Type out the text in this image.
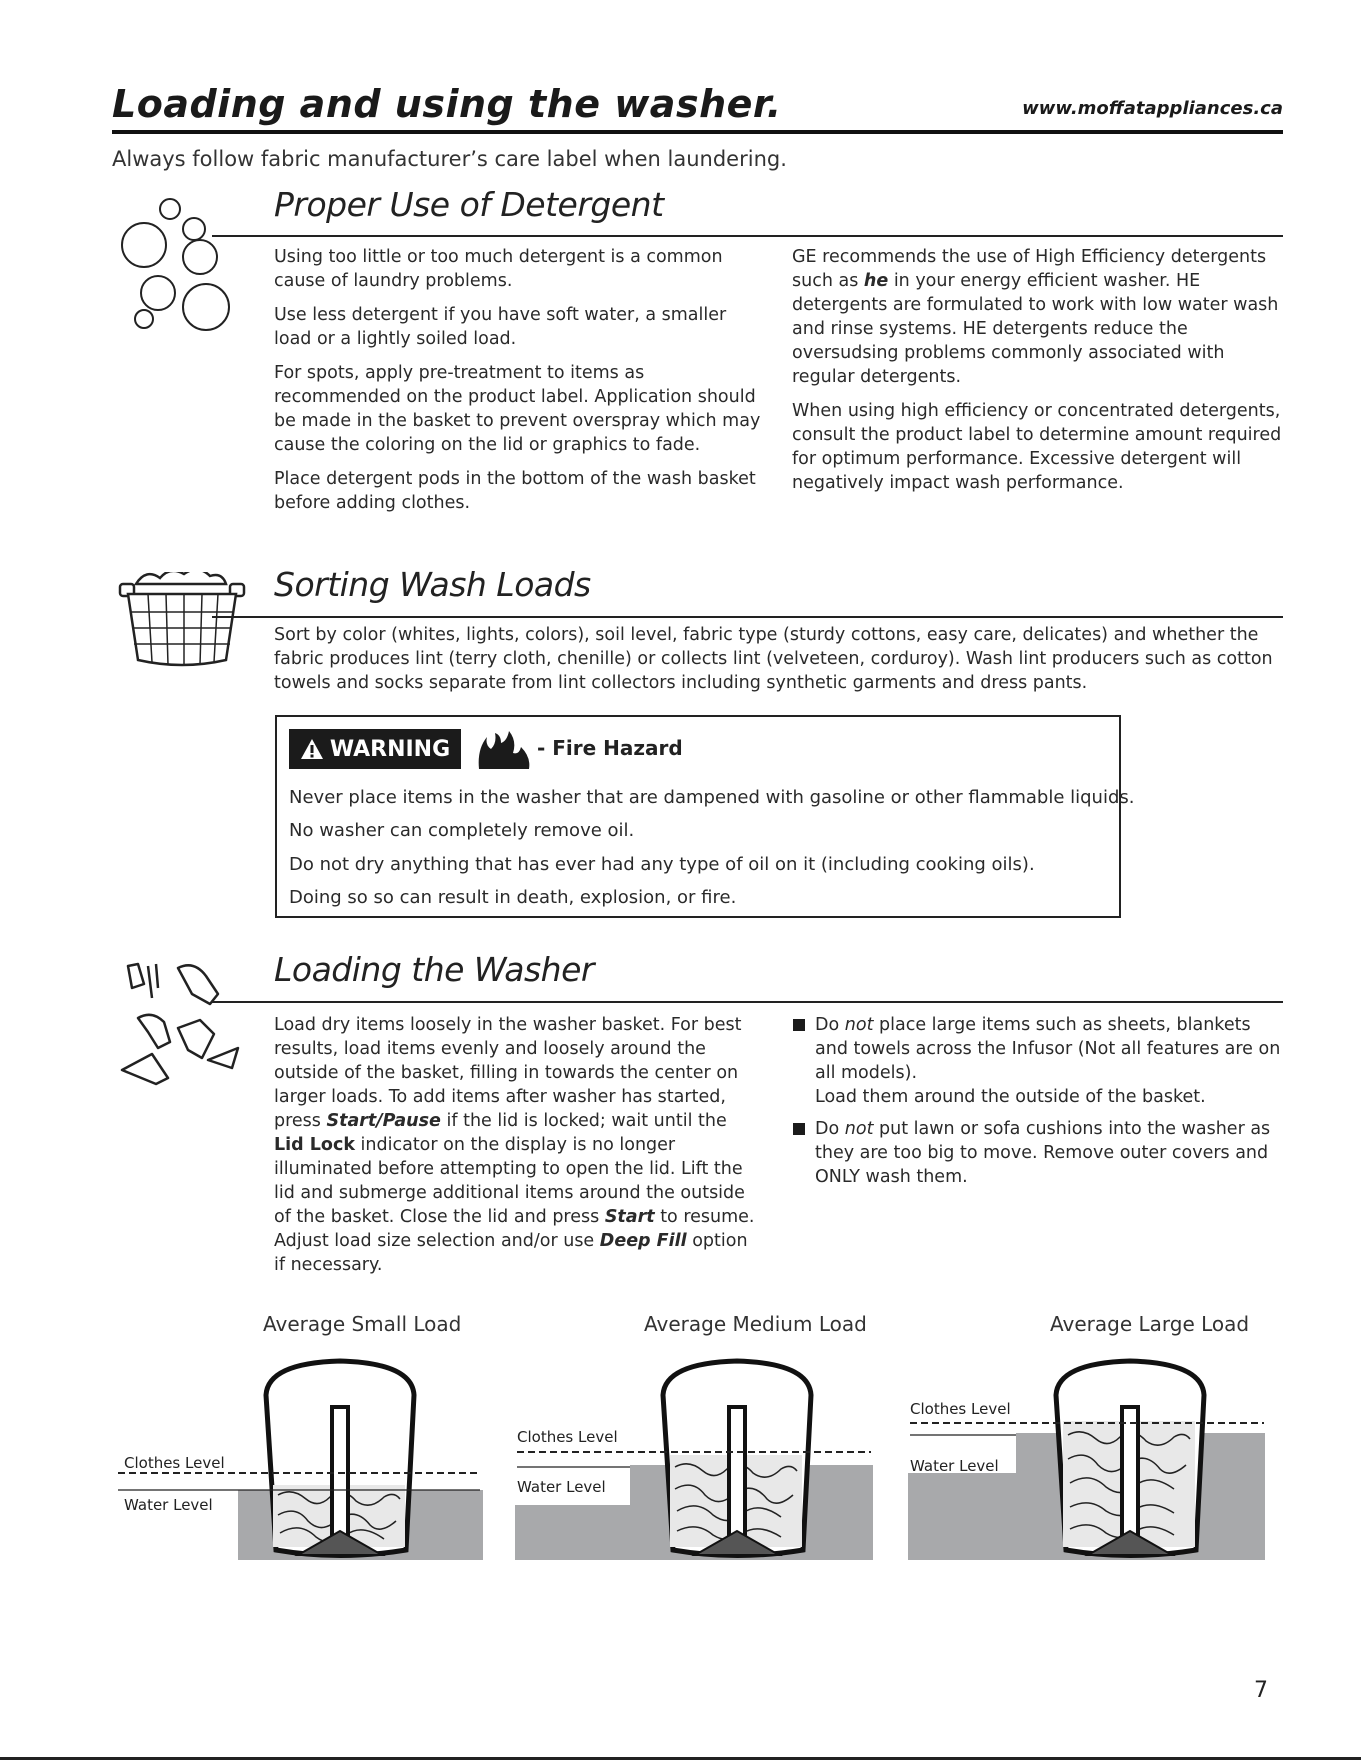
Loading and using the washer.	www.moffatappliances.ca
Always follow fabric manufacturer’s care label when laundering.
Proper Use of Detergent

Using too little or too much detergent is a common cause of laundry problems.

Use less detergent if you have soft water, a smaller load or a lightly soiled load.

For spots, apply pre-treatment to items as recommended on the product label. Application should be made in the basket to prevent overspray which may cause the coloring on the lid or graphics to fade.

Place detergent pods in the bottom of the wash basket before adding clothes.

GE recommends the use of High Efficiency detergents such as he in your energy efficient washer. HE detergents are formulated to work with low water wash and rinse systems. HE detergents reduce the oversudsing problems commonly associated with regular detergents.

When using high efficiency or concentrated detergents, consult the product label to determine amount required for optimum performance. Excessive detergent will negatively impact wash performance.

Sorting Wash Loads

Sort by color (whites, lights, colors), soil level, fabric type (sturdy cottons, easy care, delicates) and whether the fabric produces lint (terry cloth, chenille) or collects lint (velveteen, corduroy). Wash lint producers such as cotton towels and socks separate from lint collectors including synthetic garments and dress pants.

WARNING	- Fire Hazard
Never place items in the washer that are dampened with gasoline or other flammable liquids.
No washer can completely remove oil.
Do not dry anything that has ever had any type of oil on it (including cooking oils).
Doing so so can result in death, explosion, or fire.
Loading the Washer

Load dry items loosely in the washer basket. For best results, load items evenly and loosely around the outside of the basket, filling in towards the center on larger loads. To add items after washer has started, press Start/Pause if the lid is locked; wait until the Lid Lock indicator on the display is no longer illuminated before attempting to open the lid. Lift the lid and submerge additional items around the outside of the basket. Close the lid and press Start to resume. Adjust load size selection and/or use Deep Fill option if necessary.

Do not place large items such as sheets, blankets and towels across the Infusor (Not all features are on all models).

Load them around the outside of the basket.

Do not put lawn or sofa cushions into the washer as they are too big to move. Remove outer covers and ONLY wash them.

Average Small Load	Average Medium Load	Average Large Load
Clothes Level
Water Level
Clothes Level
Water Level
Clothes Level
Water Level
7
